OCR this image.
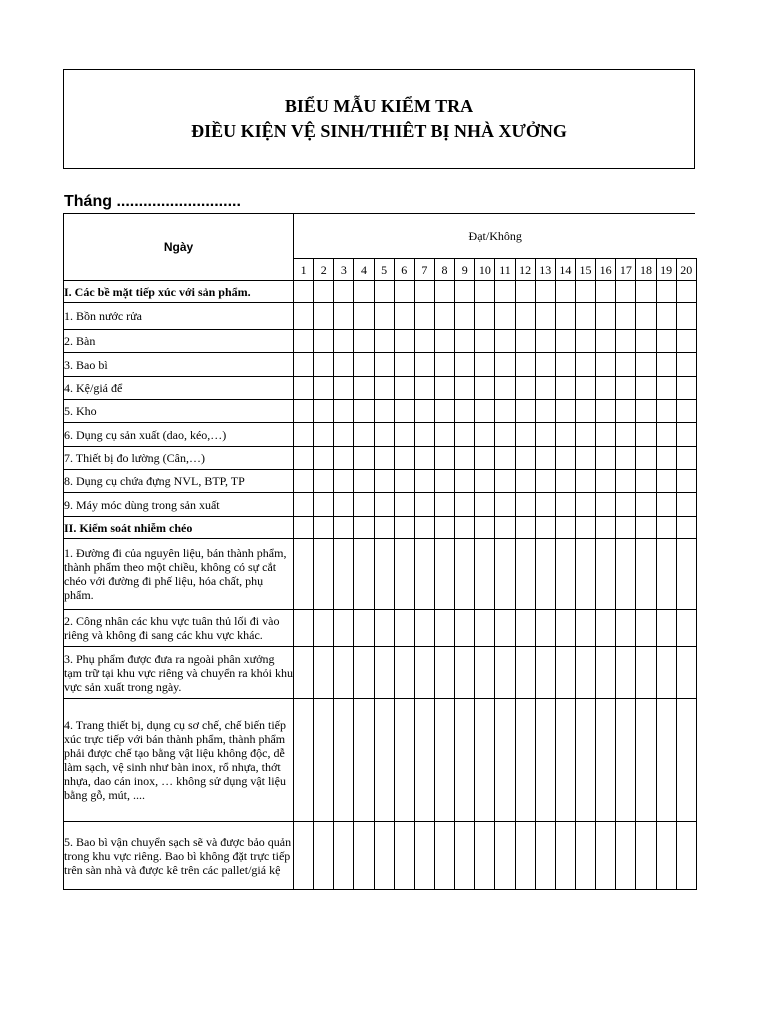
BIỂU MẪU KIỂM TRA
ĐIỀU KIỆN VỆ SINH/THIÊT BỊ NHÀ XƯỞNG
Tháng ............................
Ngày	Đạt/Không																			
	1	2	3	4	5	6	7	8	9	10	11	12	13	14	15	16	17	18	19	20
I. Các bề mặt tiếp xúc với sản phẩm.																				
1. Bồn nước rửa																				
2. Bàn																				
3. Bao bì																				
4. Kệ/giá để																				
5. Kho																				
6. Dụng cụ sản xuất (dao, kéo,…)																				
7. Thiết bị đo lường (Cân,…)																				
8. Dụng cụ chứa đựng NVL, BTP, TP																				
9. Máy móc dùng trong sản xuất																				
II. Kiểm soát nhiễm chéo																				
1. Đường đi của nguyên liệu, bán thành phẩm, thành phẩm theo một chiều, không có sự cắt chéo với đường đi phế liệu, hóa chất, phụ phẩm.																				
2. Công nhân các khu vực tuân thủ lối đi vào riêng và không đi sang các khu vực khác.																				
3. Phụ phẩm được đưa ra ngoài phân xưởng tạm trữ tại khu vực riêng và chuyển ra khỏi khu vực sản xuất trong ngày.																				
4. Trang thiết bị, dụng cụ sơ chế, chế biến tiếp xúc trực tiếp với bán thành phẩm, thành phẩm phải được chế tạo bằng vật liệu không độc, dễ làm sạch, vệ sinh như bàn inox, rổ nhựa, thớt nhựa, dao cán inox, … không sử dụng vật liệu bằng gỗ, mút, ....																				
5. Bao bì vận chuyển sạch sẽ và được bảo quản trong khu vực riêng. Bao bì không đặt trực tiếp trên sàn nhà và được kê trên các pallet/giá kệ																				
